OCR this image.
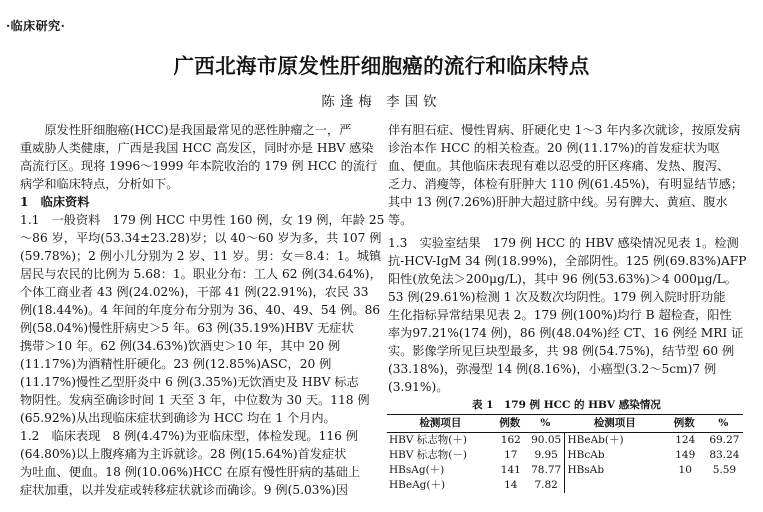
·临床研究·
广西北海市原发性肝细胞癌的流行和临床特点
陈逢梅 李国钦
　　原发性肝细胞癌(HCC)是我国最常见的恶性肿瘤之一，严
重威胁人类健康，广西是我国 HCC 高发区，同时亦是 HBV 感染
高流行区。现将 1996～1999 年本院收治的 179 例 HCC 的流行
病学和临床特点，分析如下。
1　临床资料
1.1　一般资料　179 例 HCC 中男性 160 例，女 19 例，年龄 25
～86 岁，平均(53.34±23.28)岁；以 40～60 岁为多，共 107 例
(59.78%)；2 例小儿分别为 2 岁、11 岁。男：女＝8.4：1。城镇
居民与农民的比例为 5.68：1。职业分布：工人 62 例(34.64%)，
个体工商业者 43 例(24.02%)，干部 41 例(22.91%)，农民 33
例(18.44%)。4 年间的年度分布分别为 36、40、49、54 例。86
例(58.04%)慢性肝病史＞5 年。63 例(35.19%)HBV 无症状
携带＞10 年。62 例(34.63%)饮酒史＞10 年，其中 20 例
(11.17%)为酒精性肝硬化。23 例(12.85%)ASC，20 例
(11.17%)慢性乙型肝炎中 6 例(3.35%)无饮酒史及 HBV 标志
物阴性。发病至确诊时间 1 天至 3 年，中位数为 30 天。118 例
(65.92%)从出现临床症状到确诊为 HCC 均在 1 个月内。
1.2　临床表现　8 例(4.47%)为亚临床型，体检发现。116 例
(64.80%)以上腹疼痛为主诉就诊。28 例(15.64%)首发症状
为吐血、便血。18 例(10.06%)HCC 在原有慢性肝病的基础上
症状加重，以并发症或转移症状就诊而确诊。9 例(5.03%)因
伴有胆石症、慢性胃病、肝硬化史 1～3 年内多次就诊，按原发病
诊治本作 HCC 的相关检查。20 例(11.17%)的首发症状为呕
血、便血。其他临床表现有难以忍受的肝区疼痛、发热、腹泻、
乏力、消瘦等，体检有肝肿大 110 例(61.45%)，有明显结节感；
其中 13 例(7.26%)肝肿大超过脐中线。另有脾大、黄疸、腹水
等。
1.3　实验室结果　179 例 HCC 的 HBV 感染情况见表 1。检测
抗-HCV-IgM 34 例(18.99%)，全部阴性。125 例(69.83%)AFP
阳性(放免法＞200μg/L)，其中 96 例(53.63%)＞4 000μg/L。
53 例(29.61%)检测 1 次及数次均阴性。179 例入院时肝功能
生化指标异常结果见表 2。179 例(100%)均行 B 超检查，阳性
率为97.21%(174 例)，86 例(48.04%)经 CT、16 例经 MRI 证
实。影像学所见巨块型最多，共 98 例(54.75%)，结节型 60 例
(33.18%)，弥漫型 14 例(8.16%)，小癌型(3.2～5cm)7 例
(3.91%)。
表 1　179 例 HCC 的 HBV 感染情况
检测项目	例数	%	检测项目	例数	%
HBV 标志物(＋)	162	90.05	HBeAb(＋)	124	69.27
HBV 标志物(－)	17	9.95	HBcAb	149	83.24
HBsAg(＋)	141	78.77	HBsAb	10	5.59
HBeAg(＋)	14	7.82			
